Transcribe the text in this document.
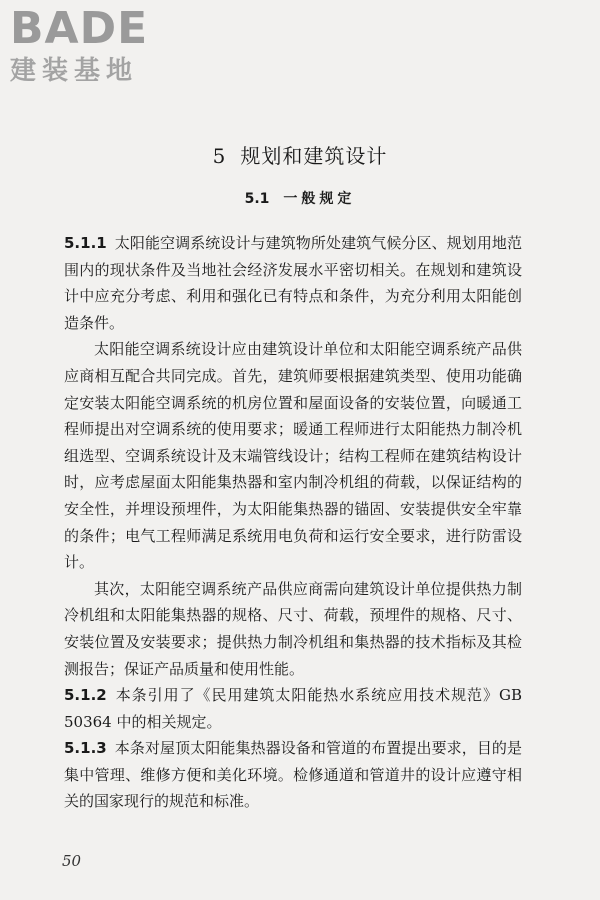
BADE
建装基地
5 规划和建筑设计
5.1 一般规定

5.1.1 太阳能空调系统设计与建筑物所处建筑气候分区、规划用地范围内的现状条件及当地社会经济发展水平密切相关。在规划和建筑设计中应充分考虑、利用和强化已有特点和条件，为充分利用太阳能创造条件。

太阳能空调系统设计应由建筑设计单位和太阳能空调系统产品供应商相互配合共同完成。首先，建筑师要根据建筑类型、使用功能确定安装太阳能空调系统的机房位置和屋面设备的安装位置，向暖通工程师提出对空调系统的使用要求；暖通工程师进行太阳能热力制冷机组选型、空调系统设计及末端管线设计；结构工程师在建筑结构设计时，应考虑屋面太阳能集热器和室内制冷机组的荷载，以保证结构的安全性，并埋设预埋件，为太阳能集热器的锚固、安装提供安全牢靠的条件；电气工程师满足系统用电负荷和运行安全要求，进行防雷设计。

其次，太阳能空调系统产品供应商需向建筑设计单位提供热力制冷机组和太阳能集热器的规格、尺寸、荷载，预埋件的规格、尺寸、安装位置及安装要求；提供热力制冷机组和集热器的技术指标及其检测报告；保证产品质量和使用性能。

5.1.2 本条引用了《民用建筑太阳能热水系统应用技术规范》GB 50364 中的相关规定。

5.1.3 本条对屋顶太阳能集热器设备和管道的布置提出要求，目的是集中管理、维修方便和美化环境。检修通道和管道井的设计应遵守相关的国家现行的规范和标准。

50
